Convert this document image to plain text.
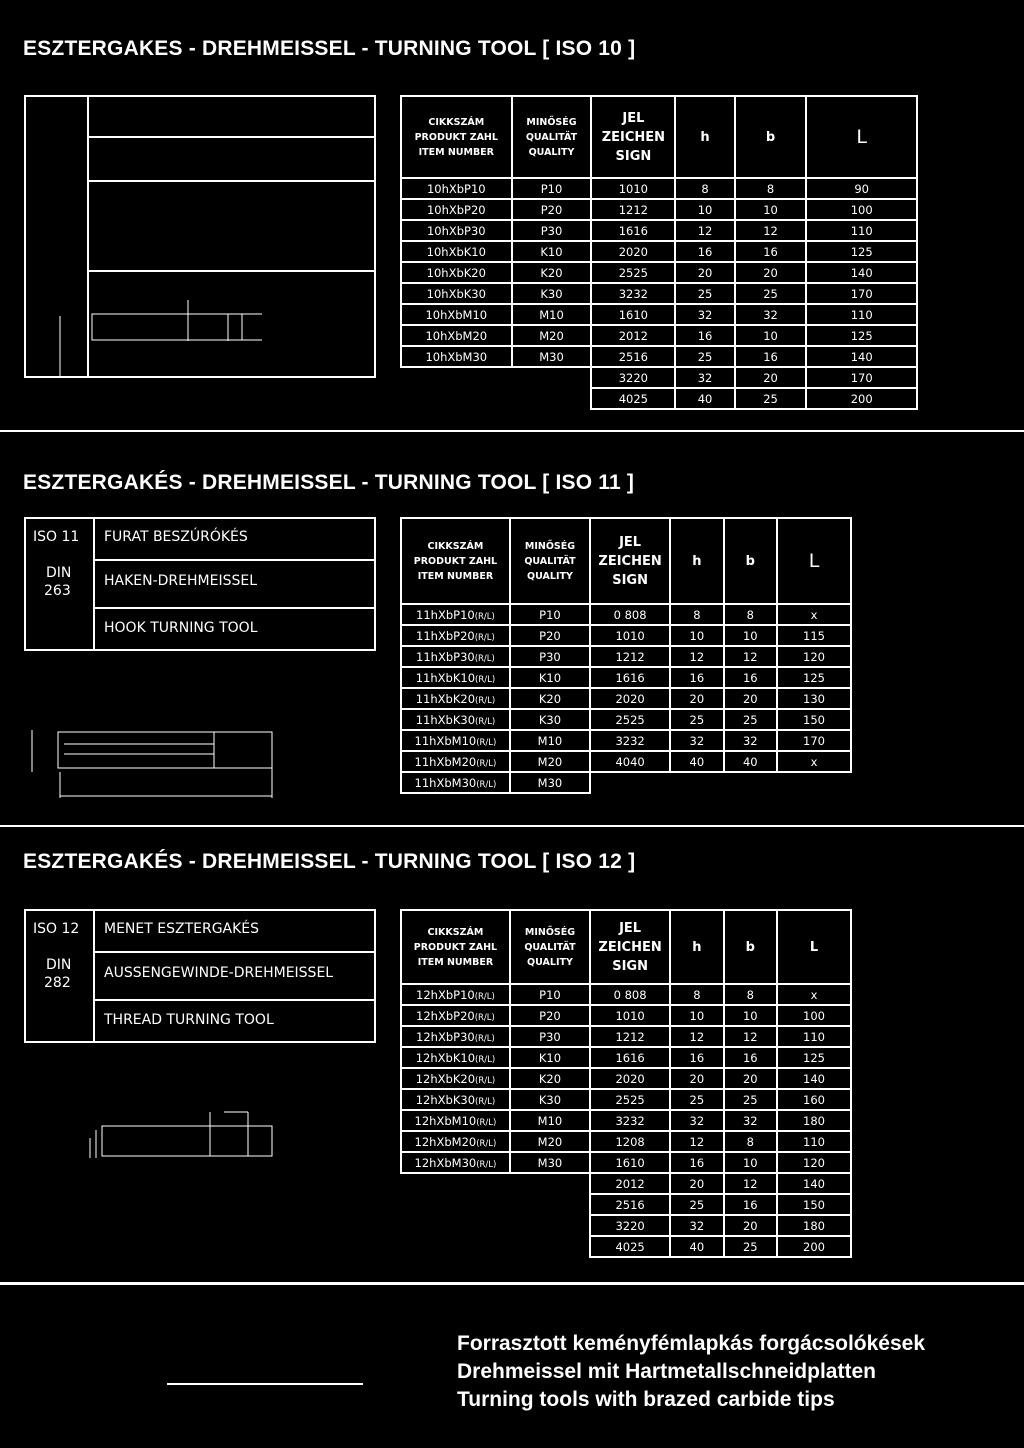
ESZTERGAKES - DREHMEISSEL - TURNING TOOL [ ISO 10 ]
CIKKSZÁM
PRODUKT ZAHL
ITEM NUMBER	MINŐSÉG
QUALITÄT
QUALITY	JEL
ZEICHEN
SIGN	h	b	L
10hXbP10	P10	1010	8	8	90
10hXbP20	P20	1212	10	10	100
10hXbP30	P30	1616	12	12	110
10hXbK10	K10	2020	16	16	125
10hXbK20	K20	2525	20	20	140
10hXbK30	K30	3232	25	25	170
10hXbM10	M10	1610	32	32	110
10hXbM20	M20	2012	16	10	125
10hXbM30	M30	2516	25	16	140
		3220	32	20	170
		4025	40	25	200
ESZTERGAKÉS - DREHMEISSEL - TURNING TOOL [ ISO 11 ]
ISO 11
DIN
263
FURAT BESZÚRÓKÉS
HAKEN-DREHMEISSEL
HOOK TURNING TOOL
CIKKSZÁM
PRODUKT ZAHL
ITEM NUMBER	MINŐSÉG
QUALITÄT
QUALITY	JEL
ZEICHEN
SIGN	h	b	L
11hXbP10(R/L)	P10	0 808	8	8	x
11hXbP20(R/L)	P20	1010	10	10	115
11hXbP30(R/L)	P30	1212	12	12	120
11hXbK10(R/L)	K10	1616	16	16	125
11hXbK20(R/L)	K20	2020	20	20	130
11hXbK30(R/L)	K30	2525	25	25	150
11hXbM10(R/L)	M10	3232	32	32	170
11hXbM20(R/L)	M20	4040	40	40	x
11hXbM30(R/L)	M30				
ESZTERGAKÉS - DREHMEISSEL - TURNING TOOL [ ISO 12 ]
ISO 12
DIN
282
MENET ESZTERGAKÉS
AUSSENGEWINDE-DREHMEISSEL
THREAD TURNING TOOL
CIKKSZÁM
PRODUKT ZAHL
ITEM NUMBER	MINŐSÉG
QUALITÄT
QUALITY	JEL
ZEICHEN
SIGN	h	b	L
12hXbP10(R/L)	P10	0 808	8	8	x
12hXbP20(R/L)	P20	1010	10	10	100
12hXbP30(R/L)	P30	1212	12	12	110
12hXbK10(R/L)	K10	1616	16	16	125
12hXbK20(R/L)	K20	2020	20	20	140
12hXbK30(R/L)	K30	2525	25	25	160
12hXbM10(R/L)	M10	3232	32	32	180
12hXbM20(R/L)	M20	1208	12	8	110
12hXbM30(R/L)	M30	1610	16	10	120
		2012	20	12	140
		2516	25	16	150
		3220	32	20	180
		4025	40	25	200
Forrasztott keményfémlapkás forgácsolókések
Drehmeissel mit Hartmetallschneidplatten
Turning tools with brazed carbide tips
